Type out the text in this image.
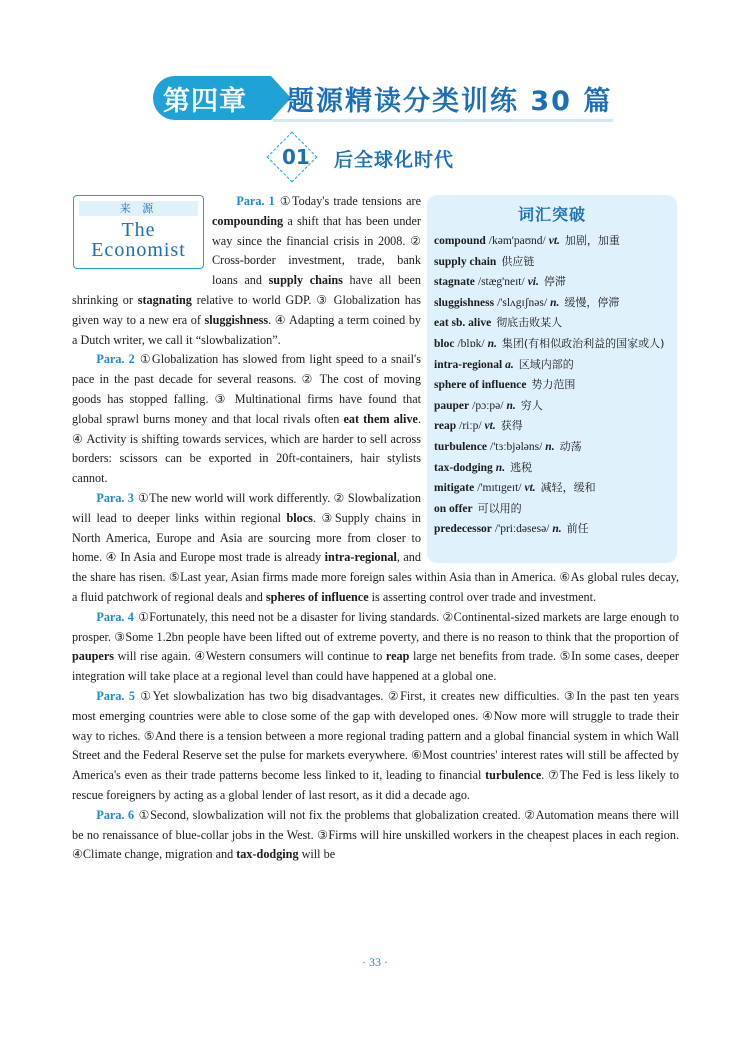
第四章 题源精读分类训练 30 篇
01 后全球化时代
来 源
The
Economist
词汇突破
compound /kəm'paʊnd/ vt. 加剧，加重
supply chain 供应链
stagnate /stæg'neɪt/ vi. 停滞
sluggishness /'slʌgɪʃnəs/ n. 缓慢，停滞
eat sb. alive 彻底击败某人
bloc /blɒk/ n. 集团(有相似政治利益的国家或人)
intra-regional a. 区域内部的
sphere of influence 势力范围
pauper /pɔːpə/ n. 穷人
reap /riːp/ vt. 获得
turbulence /'tɜːbjələns/ n. 动荡
tax-dodging n. 逃税
mitigate /'mɪtɪgeɪt/ vt. 减轻，缓和
on offer 可以用的
predecessor /'priːdəsesə/ n. 前任

Para. 1 ①Today's trade tensions are compounding a shift that has been under way since the financial crisis in 2008. ② Cross-border investment, trade, bank loans and supply chains have all been shrinking or stagnating relative to world GDP. ③ Globalization has given way to a new era of sluggishness. ④ Adapting a term coined by a Dutch writer, we call it “slowbalization”.

Para. 2 ①Globalization has slowed from light speed to a snail's pace in the past decade for several reasons. ② The cost of moving goods has stopped falling. ③ Multinational firms have found that global sprawl burns money and that local rivals often eat them alive. ④ Activity is shifting towards services, which are harder to sell across borders: scissors can be exported in 20ft-containers, hair stylists cannot.

Para. 3 ①The new world will work differently. ② Slowbalization will lead to deeper links within regional blocs. ③Supply chains in North America, Europe and Asia are sourcing more from closer to home. ④ In Asia and Europe most trade is already intra-regional, and the share has risen. ⑤Last year, Asian firms made more foreign sales within Asia than in America. ⑥As global rules decay, a fluid patchwork of regional deals and spheres of influence is asserting control over trade and investment.

Para. 4 ①Fortunately, this need not be a disaster for living standards. ②Continental-sized markets are large enough to prosper. ③Some 1.2bn people have been lifted out of extreme poverty, and there is no reason to think that the proportion of paupers will rise again. ④Western consumers will continue to reap large net benefits from trade. ⑤In some cases, deeper integration will take place at a regional level than could have happened at a global one.

Para. 5 ①Yet slowbalization has two big disadvantages. ②First, it creates new difficulties. ③In the past ten years most emerging countries were able to close some of the gap with developed ones. ④Now more will struggle to trade their way to riches. ⑤And there is a tension between a more regional trading pattern and a global financial system in which Wall Street and the Federal Reserve set the pulse for markets everywhere. ⑥Most countries' interest rates will still be affected by America's even as their trade patterns become less linked to it, leading to financial turbulence. ⑦The Fed is less likely to rescue foreigners by acting as a global lender of last resort, as it did a decade ago.

Para. 6 ①Second, slowbalization will not fix the problems that globalization created. ②Automation means there will be no renaissance of blue-collar jobs in the West. ③Firms will hire unskilled workers in the cheapest places in each region. ④Climate change, migration and tax-dodging will be

· 33 ·
